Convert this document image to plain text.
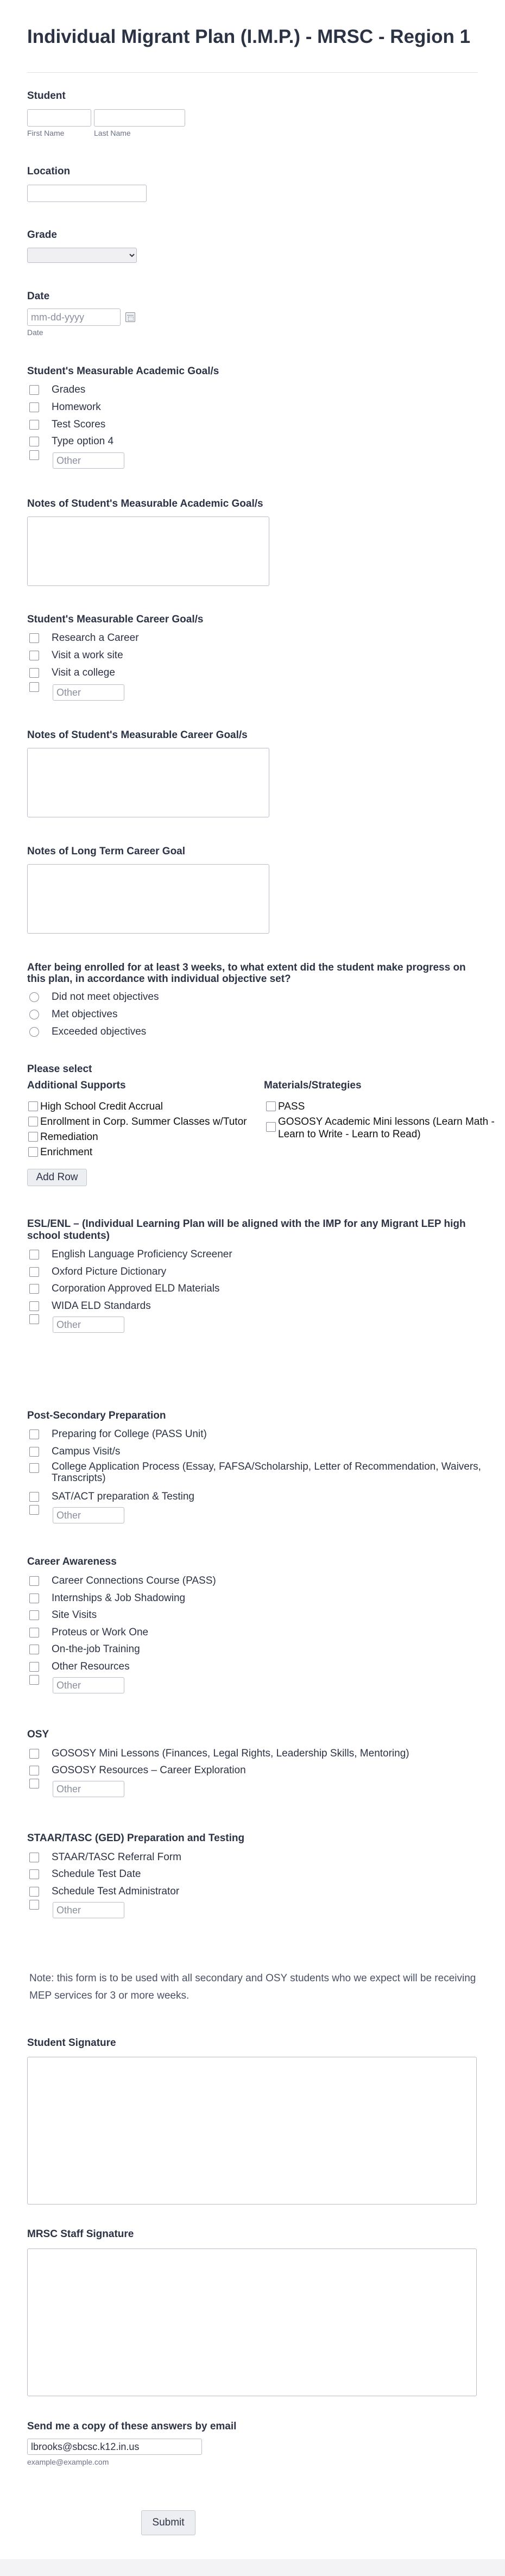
Individual Migrant Plan (I.M.P.) - MRSC - Region 1
Student
First Name	Last Name
Location
Grade
Date
mm-dd-yyyy
Date
Student's Measurable Academic Goal/s
Grades
Homework
Test Scores
Type option 4
Other
Notes of Student's Measurable Academic Goal/s
Student's Measurable Career Goal/s
Research a Career
Visit a work site
Visit a college
Other
Notes of Student's Measurable Career Goal/s
Notes of Long Term Career Goal
After being enrolled for at least 3 weeks, to what extent did the student make progress on
this plan, in accordance with individual objective set?
Did not meet objectives
Met objectives
Exceeded objectives
Please select
Additional Supports	Materials/Strategies
High School Credit Accrual
Enrollment in Corp. Summer Classes w/Tutor
Remediation
Enrichment
PASS
GOSOSY Academic Mini lessons (Learn Math -
Learn to Write - Learn to Read)
Add Row
ESL/ENL – (Individual Learning Plan will be aligned with the IMP for any Migrant LEP high
school students)
English Language Proficiency Screener
Oxford Picture Dictionary
Corporation Approved ELD Materials
WIDA ELD Standards
Other
Post-Secondary Preparation
Preparing for College (PASS Unit)
Campus Visit/s
College Application Process (Essay, FAFSA/Scholarship, Letter of Recommendation, Waivers,
Transcripts)
SAT/ACT preparation & Testing
Other
Career Awareness
Career Connections Course (PASS)
Internships & Job Shadowing
Site Visits
Proteus or Work One
On-the-job Training
Other Resources
Other
OSY
GOSOSY Mini Lessons (Finances, Legal Rights, Leadership Skills, Mentoring)
GOSOSY Resources – Career Exploration
Other
STAAR/TASC (GED) Preparation and Testing
STAAR/TASC Referral Form
Schedule Test Date
Schedule Test Administrator
Other

Note: this form is to be used with all secondary and OSY students who we expect will be receiving MEP services for 3 or more weeks.

Student Signature
MRSC Staff Signature
Send me a copy of these answers by email
lbrooks@sbcsc.k12.in.us
example@example.com
Submit
